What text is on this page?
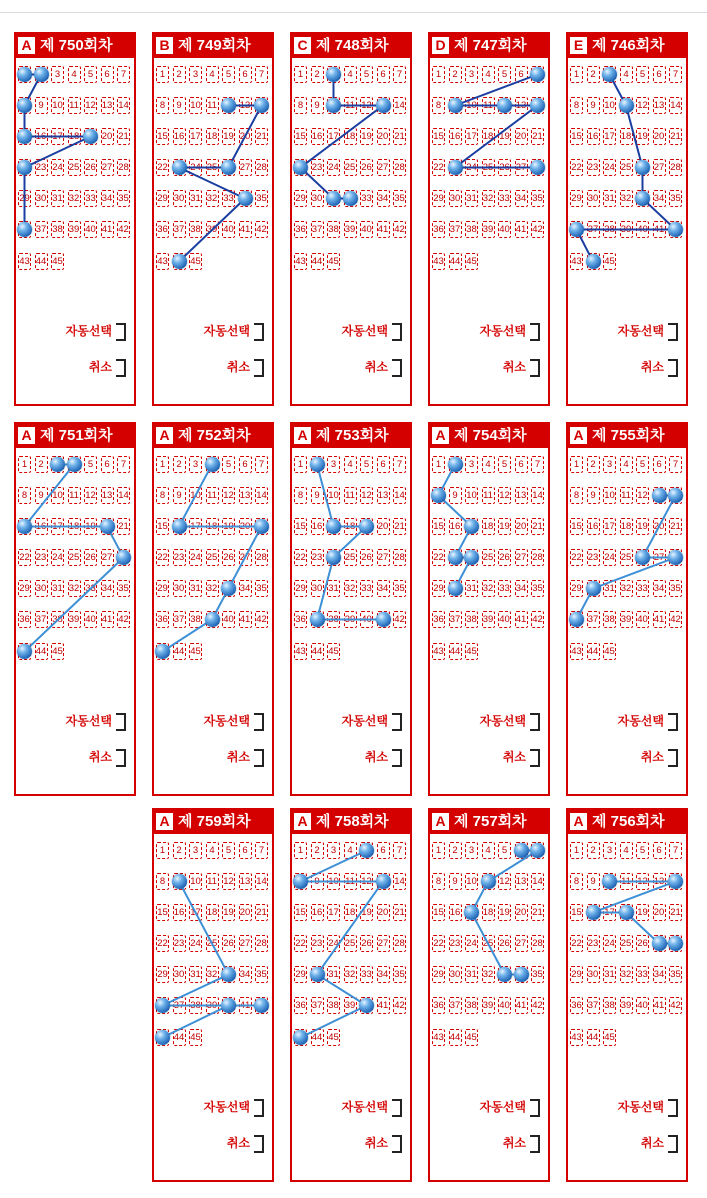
A 제 750회차
3	4	5	6	7
9 10 11 12 13 14
16 17 18 20 21
23 24 25 26 27 28
29 30 31 32 33 34 35
37 38 39 40 41 42
43 44 45
자동선택
취소
B 제 749회차
1	2	3	4	5	6	7
8	9 10 11 13
15 16 17 18 19 20 21
22 24 25 27 28
29 30 31 32 33 35
36 37 38 39 40 41 42
43 45
자동선택
취소
C 제 748회차
1	2	4	5	6	7
8	9	11 12 14
15 16 17 18 19 20 21
23 24 25 26 27 28
29 30	33 34 35
36 37 38 39 40 41 42
43 44 45
자동선택
취소
D 제 747회차
1	2	3	4	5	6
8	10 11 13
15 16 17 18 19 20 21
22 24 25 26 27
29 30 31 32 33 34 35
36 37 38 39 40 41 42
43 44 45
자동선택
취소
E 제 746회차
1	2	4	5	6	7
8	9 10 12 13 14
15 16 17 18 19 20 21
22 23 24 25 27 28
29 30 31 32 34 35
37 38 39 40 41
43 45
자동선택
취소
A 제 751회차
1	2	5	6	7
8	9 10 11 12 13 14
16 17 18 19 21
22 23 24 25 26 27
29 30 31 32 33 34 35
36 37 38 39 40 41 42
44 45
자동선택
취소
A 제 752회차
1	2	3	5	6	7
8	9 10 11 12 13 14
15 17 18 19 20
22 23 24 25 26 27 28
29 30 31 32 34 35
36 37 38 40 41 42
44 45
자동선택
취소
A 제 753회차
1	3	4	5	6	7
8	9 10 11 12 13 14
15 16 18 20 21
22 23 25 26 27 28
29 30 31 32 33 34 35
36 38 39 40 42
43 44 45
자동선택
취소
A 제 754회차
1	3	4	5	6	7
9 10 11 12 13 14
15 16 18 19 20 21
22	25 26 27 28
29 31 32 33 34 35
36 37 38 39 40 41 42
43 44 45
자동선택
취소
A 제 755회차
1	2	3	4	5	6	7
8	9 10 11 12
15 16 17 18 19 20 21
22 23 24 25 27
29 31 32 33 34 35
37 38 39 40 41 42
43 44 45
자동선택
취소
A 제 759회차
1	2	3	4	5	6	7
8	10 11 12 13 14
15 16 17 18 19 20 21
22 23 24 25 26 27 28
29 30 31 32 34 35
37 38 39 41
44 45
자동선택
취소
A 제 758회차
1	2	3	4	6	7
9 10 11 12 14
15 16 17 18 19 20 21
22 23 24 25 26 27 28
29 31 32 33 34 35
36 37 38 39 41 42
44 45
자동선택
취소
A 제 757회차
1	2	3	4	5
8	9 10 12 13 14
15 16 18 19 20 21
22 23 24 25 26 27 28
29 30 31 32	35
36 37 38 39 40 41 42
43 44 45
자동선택
취소
A 제 756회차
1	2	3	4	5	6	7
8	9	11 12 13
15 17 19 20 21
22 23 24 25 26
29 30 31 32 33 34 35
36 37 38 39 40 41 42
43 44 45
자동선택
취소
